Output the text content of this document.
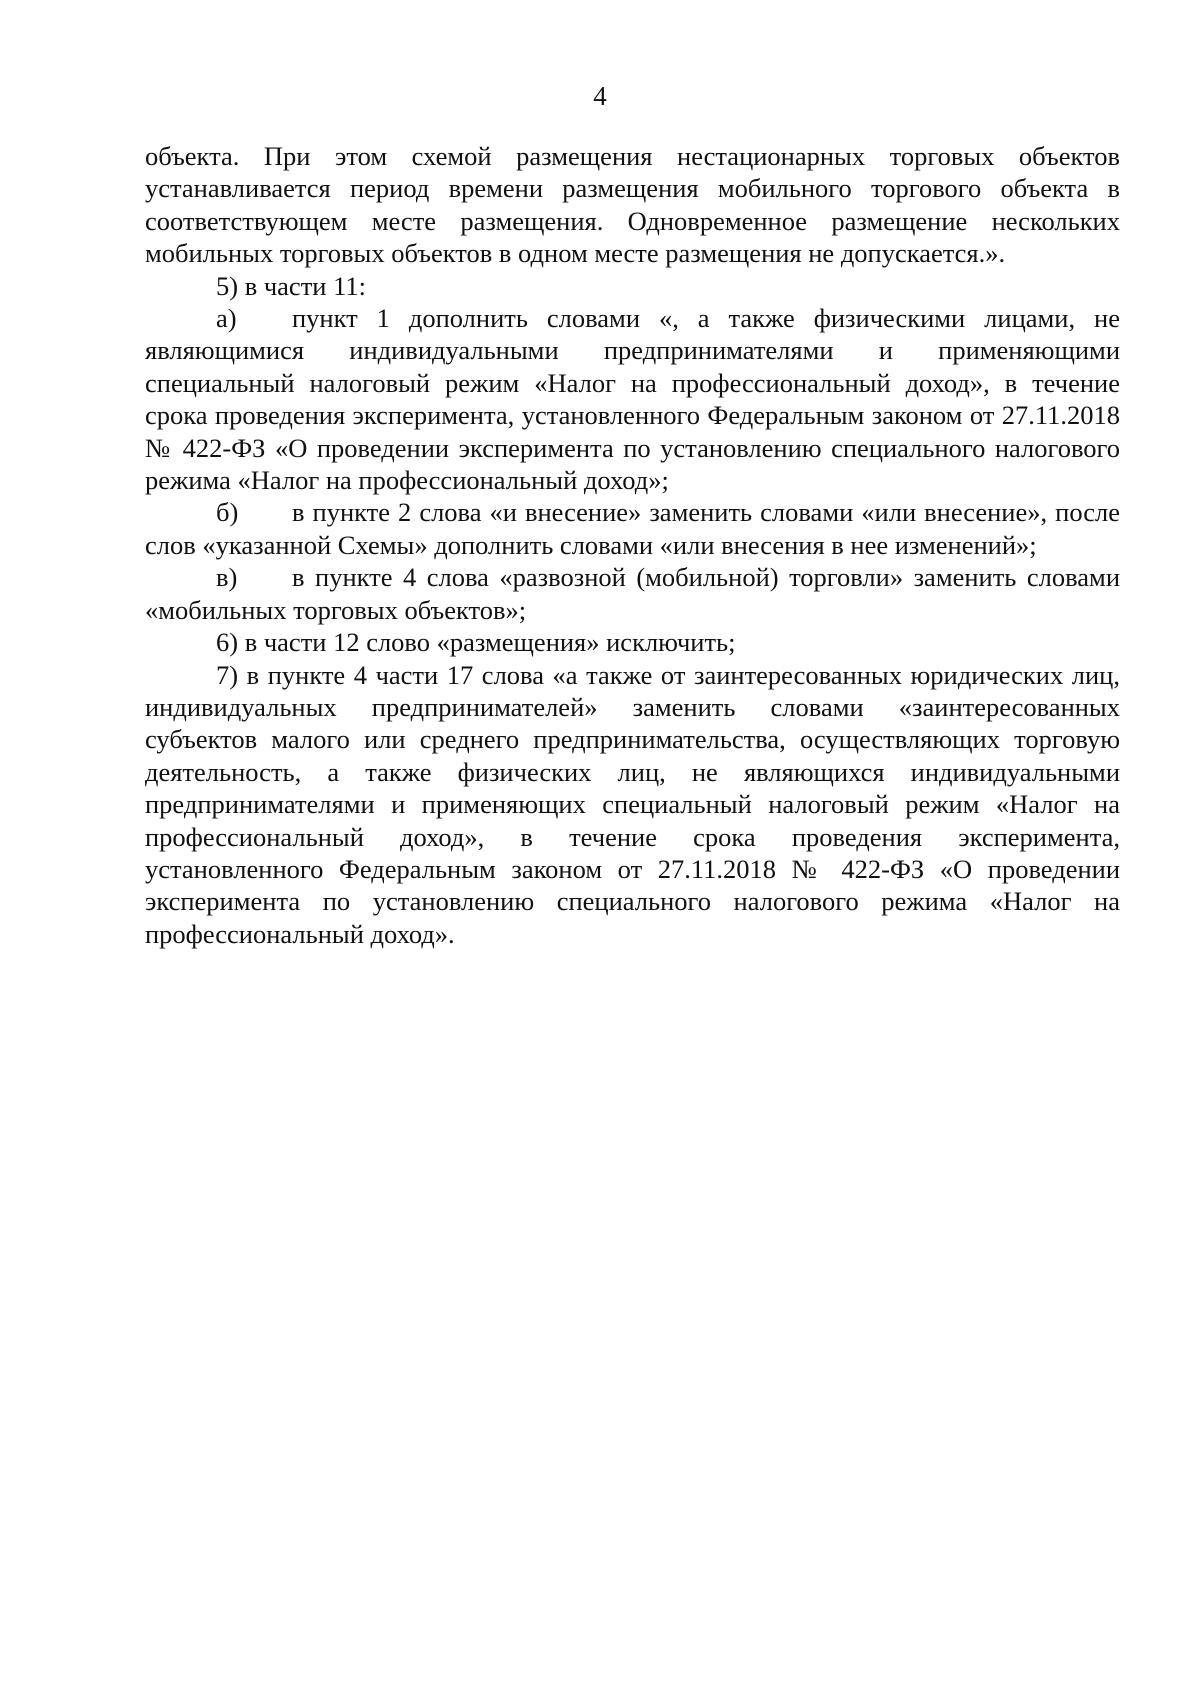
4

объекта. При этом схемой размещения нестационарных торговых объектов устанавливается период времени размещения мобильного торгового объекта в соответствующем месте размещения. Одновременное размещение нескольких мобильных торговых объектов в одном месте размещения не допускается.».

5) в части 11:

а) пункт 1 дополнить словами «, а также физическими лицами, не являющимися индивидуальными предпринимателями и применяющими специальный налоговый режим «Налог на профессиональный доход», в течение срока проведения эксперимента, установленного Федеральным законом от 27.11.2018 № 422-ФЗ «О проведении эксперимента по установлению специального налогового режима «Налог на профессиональный доход»;

б) в пункте 2 слова «и внесение» заменить словами «или внесение», после слов «указанной Схемы» дополнить словами «или внесения в нее изменений»;

в) в пункте 4 слова «развозной (мобильной) торговли» заменить словами «мобильных торговых объектов»;

6) в части 12 слово «размещения» исключить;

7) в пункте 4 части 17 слова «а также от заинтересованных юридических лиц, индивидуальных предпринимателей» заменить словами «заинтересованных субъектов малого или среднего предпринимательства, осуществляющих торговую деятельность, а также физических лиц, не являющихся индивидуальными предпринимателями и применяющих специальный налоговый режим «Налог на профессиональный доход», в течение срока проведения эксперимента, установленного Федеральным законом от 27.11.2018 № 422-ФЗ «О проведении эксперимента по установлению специального налогового режима «Налог на профессиональный доход».
